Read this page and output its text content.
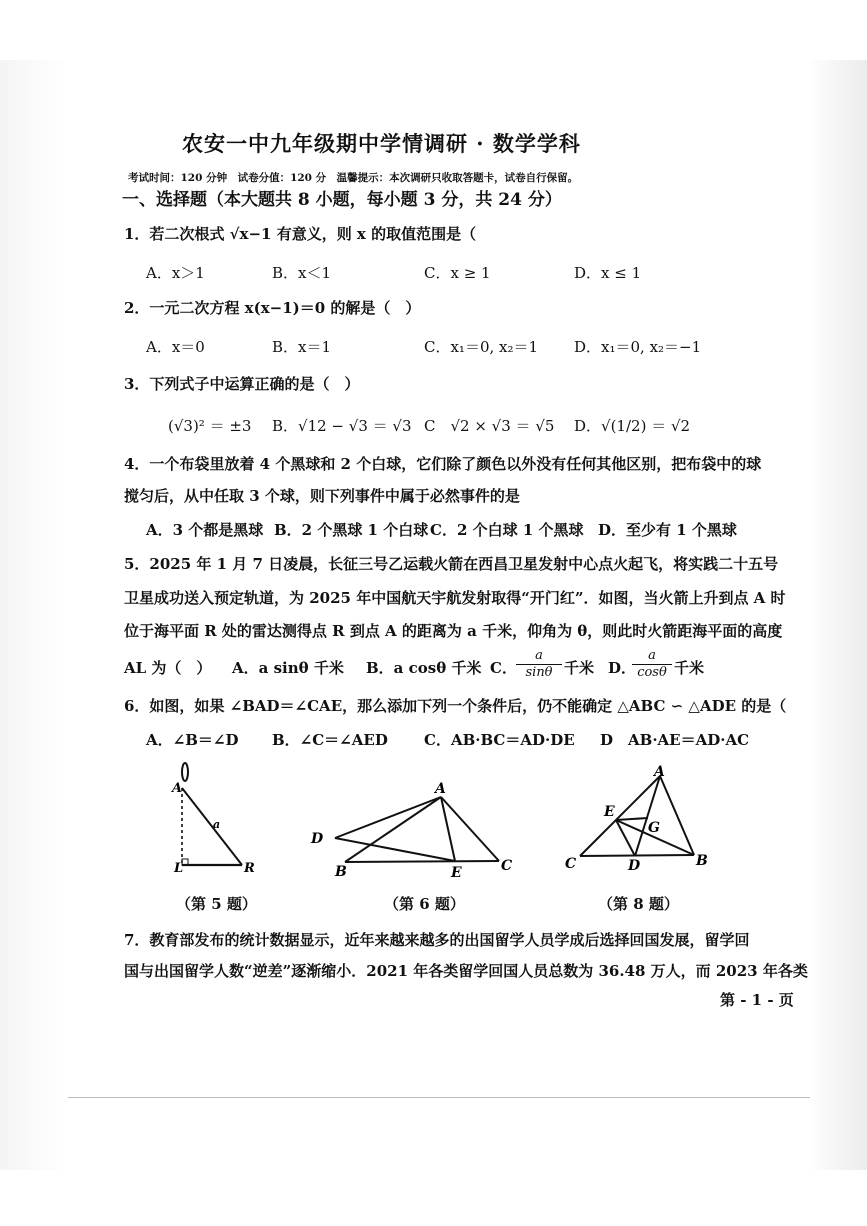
农安一中九年级期中学情调研 · 数学学科
考试时间：120 分钟　试卷分值：120 分　温馨提示：本次调研只收取答题卡，试卷自行保留。
一、选择题（本大题共 8 小题，每小题 3 分，共 24 分）
1．若二次根式 √x−1 有意义，则 x 的取值范围是（
A．x＞1	B．x＜1	C．x ≥ 1	D．x ≤ 1
2．一元二次方程 x(x−1)＝0 的解是（　）
A．x＝0	B．x＝1	C．x₁＝0, x₂＝1 D．x₁＝0, x₂＝−1
3．下列式子中运算正确的是（　）
(√3)² ＝ ±3 B．√12 − √3 ＝ √3 C　√2 × √3 ＝ √5 D．√(1/2) ＝ √2
4．一个布袋里放着 4 个黑球和 2 个白球，它们除了颜色以外没有任何其他区别，把布袋中的球
搅匀后，从中任取 3 个球，则下列事件中属于必然事件的是
A．3 个都是黑球 B．2 个黑球 1 个白球 C．2 个白球 1 个黑球 D．至少有 1 个黑球
5．2025 年 1 月 7 日凌晨，长征三号乙运载火箭在西昌卫星发射中心点火起飞，将实践二十五号
卫星成功送入预定轨道，为 2025 年中国航天宇航发射取得“开门红”．如图，当火箭上升到点 A 时
位于海平面 R 处的雷达测得点 R 到点 A 的距离为 a 千米，仰角为 θ，则此时火箭距海平面的高度
AL 为（　） A．a sinθ 千米 B．a cosθ 千米 C．
a
sinθ 千米 D．
a
cosθ 千米
6．如图，如果 ∠BAD＝∠CAE，那么添加下列一个条件后，仍不能确定 △ABC ∽ △ADE 的是（
A．∠B＝∠D B．∠C＝∠AED C．AB·BC＝AD·DE D　AB·AE＝AD·AC
A
a
L	R
A
D
B	E	C
A
E
G
C	D	B
（第 5 题）	（第 6 题）	（第 8 题）
7．教育部发布的统计数据显示，近年来越来越多的出国留学人员学成后选择回国发展，留学回
国与出国留学人数“逆差”逐渐缩小．2021 年各类留学回国人员总数为 36.48 万人，而 2023 年各类
第 - 1 - 页
